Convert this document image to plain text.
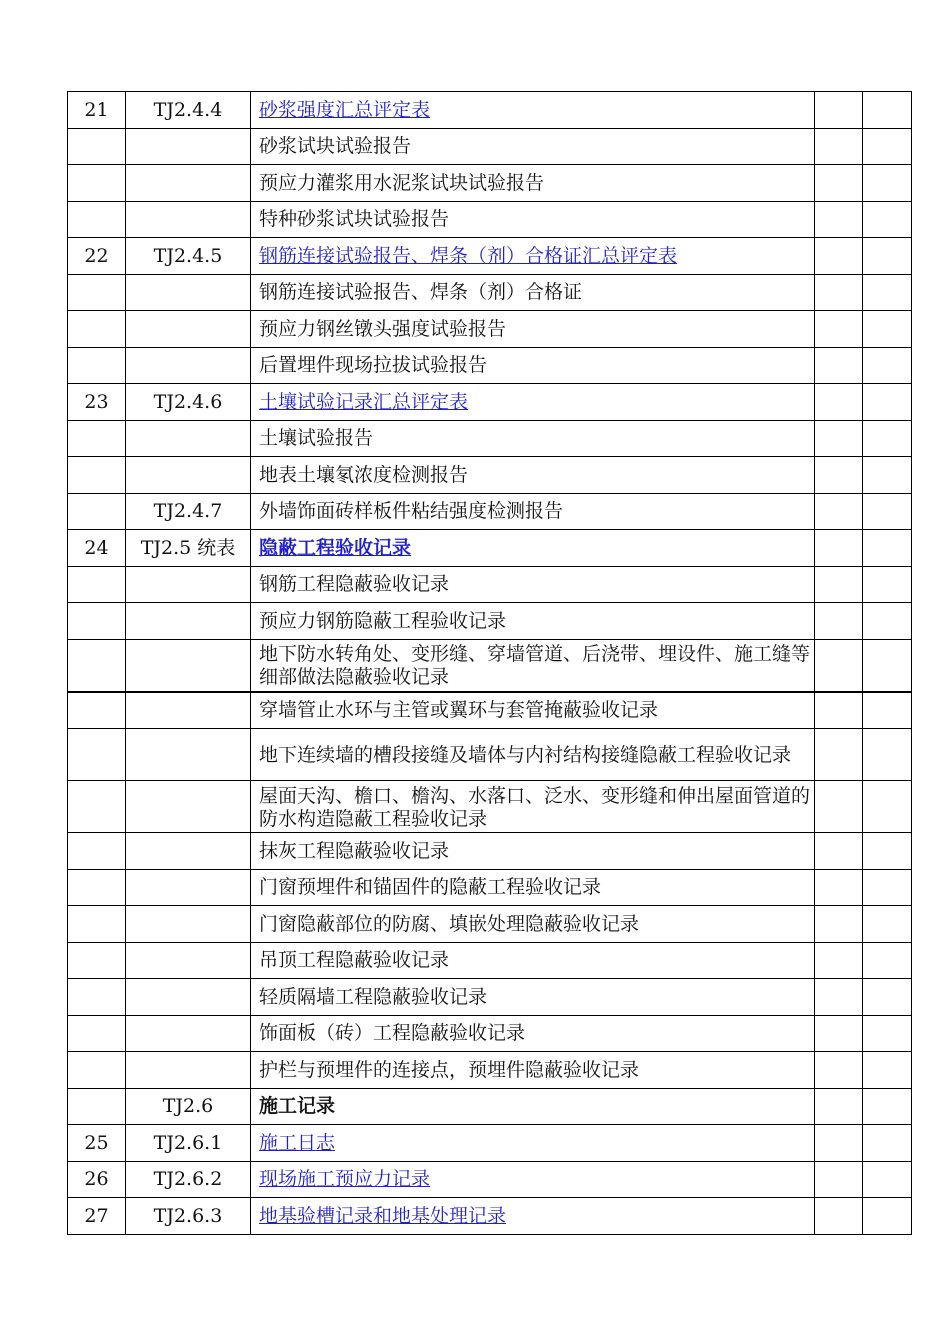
21	TJ2.4.4	砂浆强度汇总评定表		
		砂浆试块试验报告		
		预应力灌浆用水泥浆试块试验报告		
		特种砂浆试块试验报告		
22	TJ2.4.5	钢筋连接试验报告、焊条（剂）合格证汇总评定表		
		钢筋连接试验报告、焊条（剂）合格证		
		预应力钢丝镦头强度试验报告		
		后置埋件现场拉拔试验报告		
23	TJ2.4.6	土壤试验记录汇总评定表		
		土壤试验报告		
		地表土壤氡浓度检测报告		
	TJ2.4.7	外墙饰面砖样板件粘结强度检测报告		
24	TJ2.5 统表	隐蔽工程验收记录		
		钢筋工程隐蔽验收记录		
		预应力钢筋隐蔽工程验收记录		
		地下防水转角处、变形缝、穿墙管道、后浇带、埋设件、施工缝等细部做法隐蔽验收记录		
		穿墙管止水环与主管或翼环与套管掩蔽验收记录		
		地下连续墙的槽段接缝及墙体与内衬结构接缝隐蔽工程验收记录		
		屋面天沟、檐口、檐沟、水落口、泛水、变形缝和伸出屋面管道的防水构造隐蔽工程验收记录		
		抹灰工程隐蔽验收记录		
		门窗预埋件和锚固件的隐蔽工程验收记录		
		门窗隐蔽部位的防腐、填嵌处理隐蔽验收记录		
		吊顶工程隐蔽验收记录		
		轻质隔墙工程隐蔽验收记录		
		饰面板（砖）工程隐蔽验收记录		
		护栏与预埋件的连接点，预埋件隐蔽验收记录		
	TJ2.6	施工记录		
25	TJ2.6.1	施工日志		
26	TJ2.6.2	现场施工预应力记录		
27	TJ2.6.3	地基验槽记录和地基处理记录		
